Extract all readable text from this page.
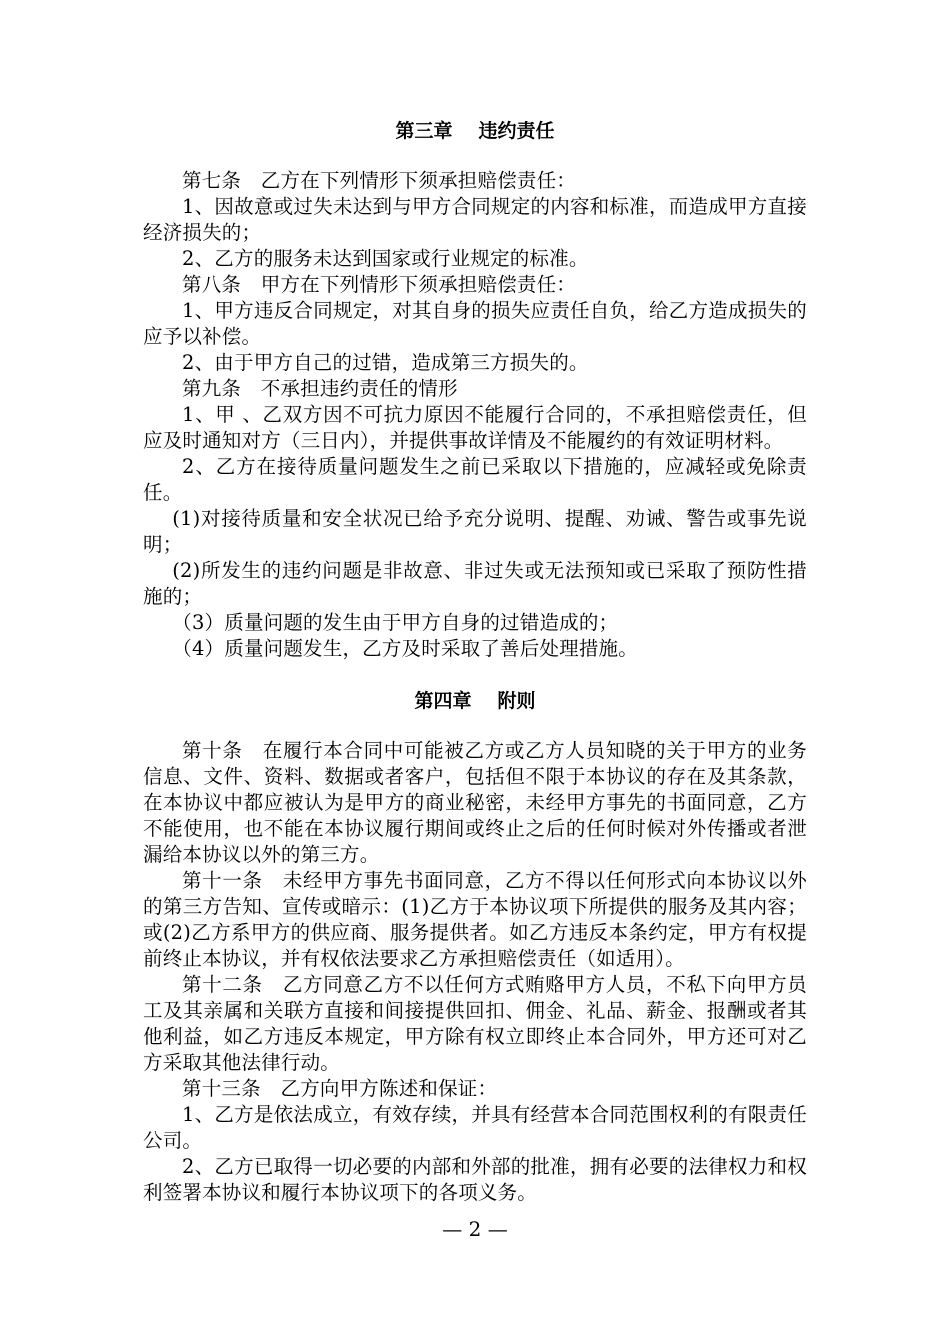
第三章 违约责任

第七条　乙方在下列情形下须承担赔偿责任：

1、因故意或过失未达到与甲方合同规定的内容和标准，而造成甲方直接经济损失的；

2、乙方的服务未达到国家或行业规定的标准。

第八条　甲方在下列情形下须承担赔偿责任：

1、甲方违反合同规定，对其自身的损失应责任自负，给乙方造成损失的应予以补偿。

2、由于甲方自己的过错，造成第三方损失的。

第九条　不承担违约责任的情形

1、甲 、乙双方因不可抗力原因不能履行合同的，不承担赔偿责任，但应及时通知对方（三日内），并提供事故详情及不能履约的有效证明材料。

2、乙方在接待质量问题发生之前已采取以下措施的，应减轻或免除责任。

(1)对接待质量和安全状况已给予充分说明、提醒、劝诫、警告或事先说明；

(2)所发生的违约问题是非故意、非过失或无法预知或已采取了预防性措施的；

（3）质量问题的发生由于甲方自身的过错造成的；

（4）质量问题发生，乙方及时采取了善后处理措施。

第四章 附则

第十条　在履行本合同中可能被乙方或乙方人员知晓的关于甲方的业务信息、文件、资料、数据或者客户，包括但不限于本协议的存在及其条款，在本协议中都应被认为是甲方的商业秘密，未经甲方事先的书面同意，乙方不能使用，也不能在本协议履行期间或终止之后的任何时候对外传播或者泄漏给本协议以外的第三方。

第十一条　未经甲方事先书面同意，乙方不得以任何形式向本协议以外的第三方告知、宣传或暗示：(1)乙方于本协议项下所提供的服务及其内容；或(2)乙方系甲方的供应商、服务提供者。如乙方违反本条约定，甲方有权提前终止本协议，并有权依法要求乙方承担赔偿责任（如适用）。

第十二条　乙方同意乙方不以任何方式贿赂甲方人员，不私下向甲方员工及其亲属和关联方直接和间接提供回扣、佣金、礼品、薪金、报酬或者其他利益，如乙方违反本规定，甲方除有权立即终止本合同外，甲方还可对乙方采取其他法律行动。

第十三条　乙方向甲方陈述和保证：

1、乙方是依法成立，有效存续，并具有经营本合同范围权利的有限责任公司。

2、乙方已取得一切必要的内部和外部的批准，拥有必要的法律权力和权利签署本协议和履行本协议项下的各项义务。

— 2 —
